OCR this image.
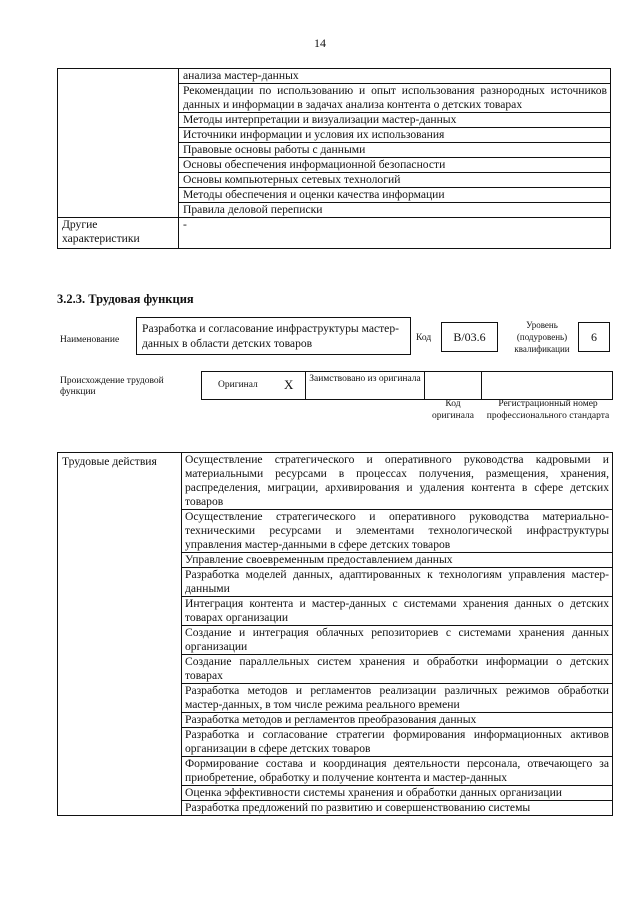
14
	анализа мастер-данных
	Рекомендации по использованию и опыт использования разнородных источников данных и информации в задачах анализа контента о детских товарах
	Методы интерпретации и визуализации мастер-данных
	Источники информации и условия их использования
	Правовые основы работы с данными
	Основы обеспечения информационной безопасности
	Основы компьютерных сетевых технологий
	Методы обеспечения и оценки качества информации
	Правила деловой переписки
Другие характеристики	-
3.2.3. Трудовая функция
Наименование
Разработка и согласование инфраструктуры мастер-данных в области детских товаров	Код	B/03.6
Уровень (подуровень) квалификации
6
Происхождение трудовой функции
Оригинал X	Заимствовано из оригинала
Код оригинала
Регистрационный номер профессионального стандарта
Трудовые действия	Осуществление стратегического и оперативного руководства кадровыми и материальными ресурсами в процессах получения, размещения, хранения, распределения, миграции, архивирования и удаления контента в сфере детских товаров
Осуществление стратегического и оперативного руководства материально-техническими ресурсами и элементами технологической инфраструктуры управления мастер-данными в сфере детских товаров
Управление своевременным предоставлением данных
Разработка моделей данных, адаптированных к технологиям управления мастер-данными
Интеграция контента и мастер-данных с системами хранения данных о детских товарах организации
Создание и интеграция облачных репозиториев с системами хранения данных организации
Создание параллельных систем хранения и обработки информации о детских товарах
Разработка методов и регламентов реализации различных режимов обработки мастер-данных, в том числе режима реального времени
Разработка методов и регламентов преобразования данных
Разработка и согласование стратегии формирования информационных активов организации в сфере детских товаров
Формирование состава и координация деятельности персонала, отвечающего за приобретение, обработку и получение контента и мастер-данных
Оценка эффективности системы хранения и обработки данных организации
Разработка предложений по развитию и совершенствованию системы
